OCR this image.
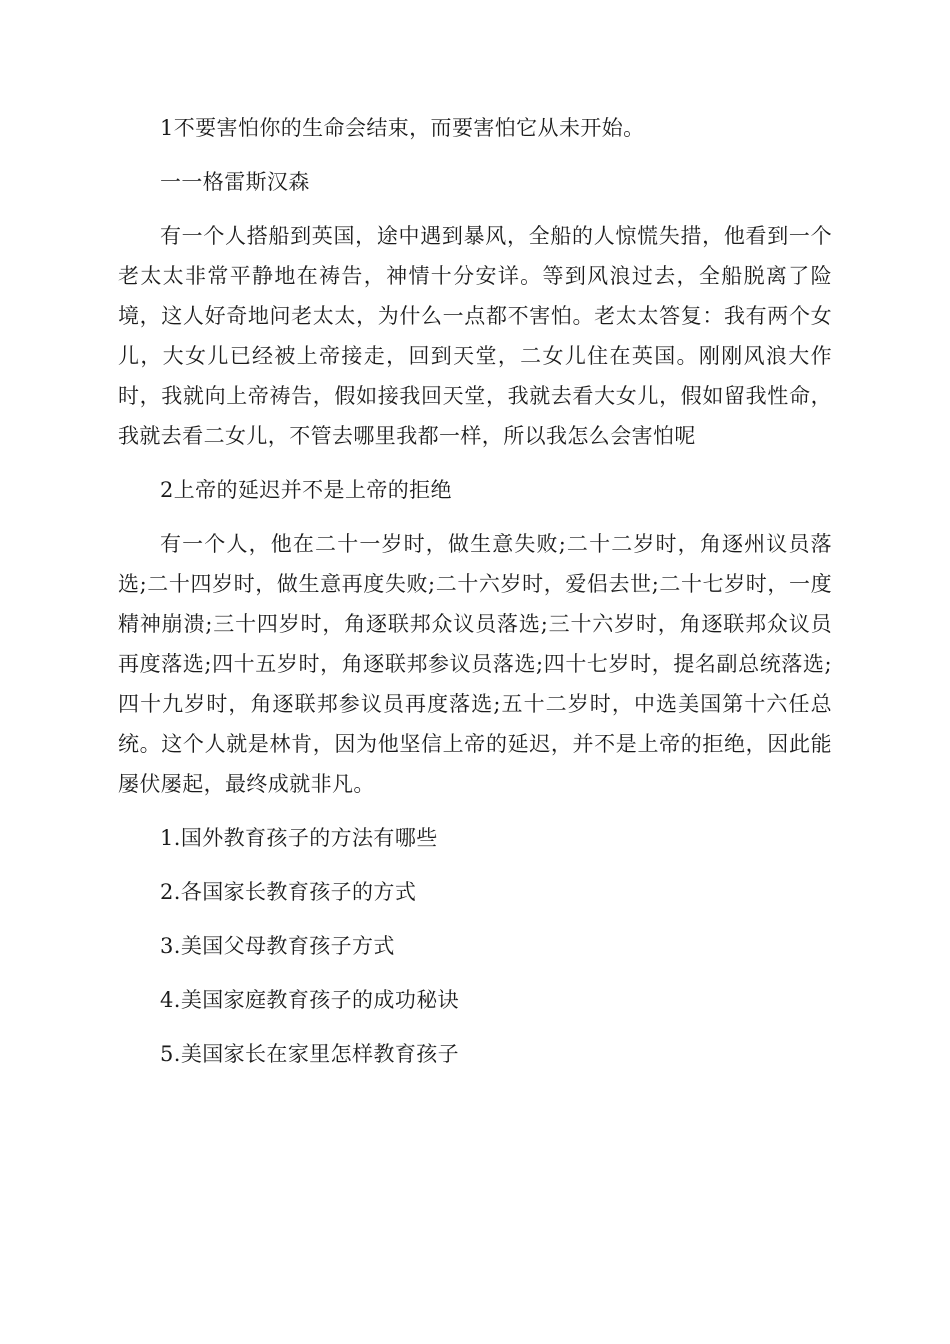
1不要害怕你的生命会结束，而要害怕它从未开始。

一一格雷斯汉森

有一个人搭船到英国，途中遇到暴风，全船的人惊慌失措，他看到一个老太太非常平静地在祷告，神情十分安详。等到风浪过去，全船脱离了险境，这人好奇地问老太太，为什么一点都不害怕。老太太答复：我有两个女儿，大女儿已经被上帝接走，回到天堂，二女儿住在英国。刚刚风浪大作时，我就向上帝祷告，假如接我回天堂，我就去看大女儿，假如留我性命，我就去看二女儿，不管去哪里我都一样，所以我怎么会害怕呢

2上帝的延迟并不是上帝的拒绝

有一个人，他在二十一岁时，做生意失败;二十二岁时，角逐州议员落选;二十四岁时，做生意再度失败;二十六岁时，爱侣去世;二十七岁时，一度精神崩溃;三十四岁时，角逐联邦众议员落选;三十六岁时，角逐联邦众议员再度落选;四十五岁时，角逐联邦参议员落选;四十七岁时，提名副总统落选;四十九岁时，角逐联邦参议员再度落选;五十二岁时，中选美国第十六任总统。这个人就是林肯，因为他坚信上帝的延迟，并不是上帝的拒绝，因此能屡伏屡起，最终成就非凡。

1.国外教育孩子的方法有哪些

2.各国家长教育孩子的方式

3.美国父母教育孩子方式

4.美国家庭教育孩子的成功秘诀

5.美国家长在家里怎样教育孩子
